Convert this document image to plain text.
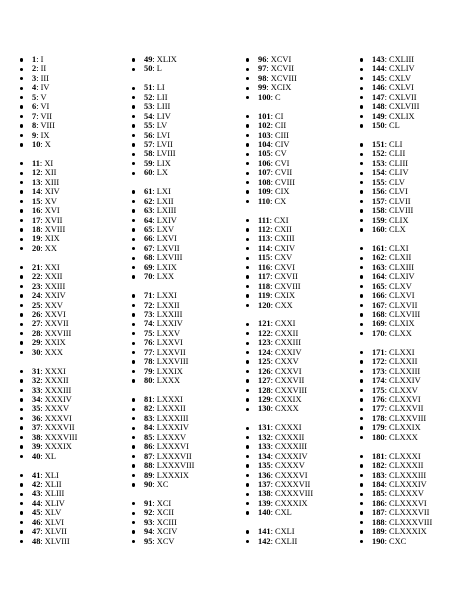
1: I
2: II
3: III
4: IV
5: V
6: VI
7: VII
8: VIII
9: IX
10: X
11: XI
12: XII
13: XIII
14: XIV
15: XV
16: XVI
17: XVII
18: XVIII
19: XIX
20: XX
21: XXI
22: XXII
23: XXIII
24: XXIV
25: XXV
26: XXVI
27: XXVII
28: XXVIII
29: XXIX
30: XXX
31: XXXI
32: XXXII
33: XXXIII
34: XXXIV
35: XXXV
36: XXXVI
37: XXXVII
38: XXXVIII
39: XXXIX
40: XL
41: XLI
42: XLII
43: XLIII
44: XLIV
45: XLV
46: XLVI
47: XLVII
48: XLVIII
49: XLIX
50: L
51: LI
52: LII
53: LIII
54: LIV
55: LV
56: LVI
57: LVII
58: LVIII
59: LIX
60: LX
61: LXI
62: LXII
63: LXIII
64: LXIV
65: LXV
66: LXVI
67: LXVII
68: LXVIII
69: LXIX
70: LXX
71: LXXI
72: LXXII
73: LXXIII
74: LXXIV
75: LXXV
76: LXXVI
77: LXXVII
78: LXXVIII
79: LXXIX
80: LXXX
81: LXXXI
82: LXXXII
83: LXXXIII
84: LXXXIV
85: LXXXV
86: LXXXVI
87: LXXXVII
88: LXXXVIII
89: LXXXIX
90: XC
91: XCI
92: XCII
93: XCIII
94: XCIV
95: XCV
96: XCVI
97: XCVII
98: XCVIII
99: XCIX
100: C
101: CI
102: CII
103: CIII
104: CIV
105: CV
106: CVI
107: CVII
108: CVIII
109: CIX
110: CX
111: CXI
112: CXII
113: CXIII
114: CXIV
115: CXV
116: CXVI
117: CXVII
118: CXVIII
119: CXIX
120: CXX
121: CXXI
122: CXXII
123: CXXIII
124: CXXIV
125: CXXV
126: CXXVI
127: CXXVII
128: CXXVIII
129: CXXIX
130: CXXX
131: CXXXI
132: CXXXII
133: CXXXIII
134: CXXXIV
135: CXXXV
136: CXXXVI
137: CXXXVII
138: CXXXVIII
139: CXXXIX
140: CXL
141: CXLI
142: CXLII
143: CXLIII
144: CXLIV
145: CXLV
146: CXLVI
147: CXLVII
148: CXLVIII
149: CXLIX
150: CL
151: CLI
152: CLII
153: CLIII
154: CLIV
155: CLV
156: CLVI
157: CLVII
158: CLVIII
159: CLIX
160: CLX
161: CLXI
162: CLXII
163: CLXIII
164: CLXIV
165: CLXV
166: CLXVI
167: CLXVII
168: CLXVIII
169: CLXIX
170: CLXX
171: CLXXI
172: CLXXII
173: CLXXIII
174: CLXXIV
175: CLXXV
176: CLXXVI
177: CLXXVII
178: CLXXVIII
179: CLXXIX
180: CLXXX
181: CLXXXI
182: CLXXXII
183: CLXXXIII
184: CLXXXIV
185: CLXXXV
186: CLXXXVI
187: CLXXXVII
188: CLXXXVIII
189: CLXXXIX
190: CXC
